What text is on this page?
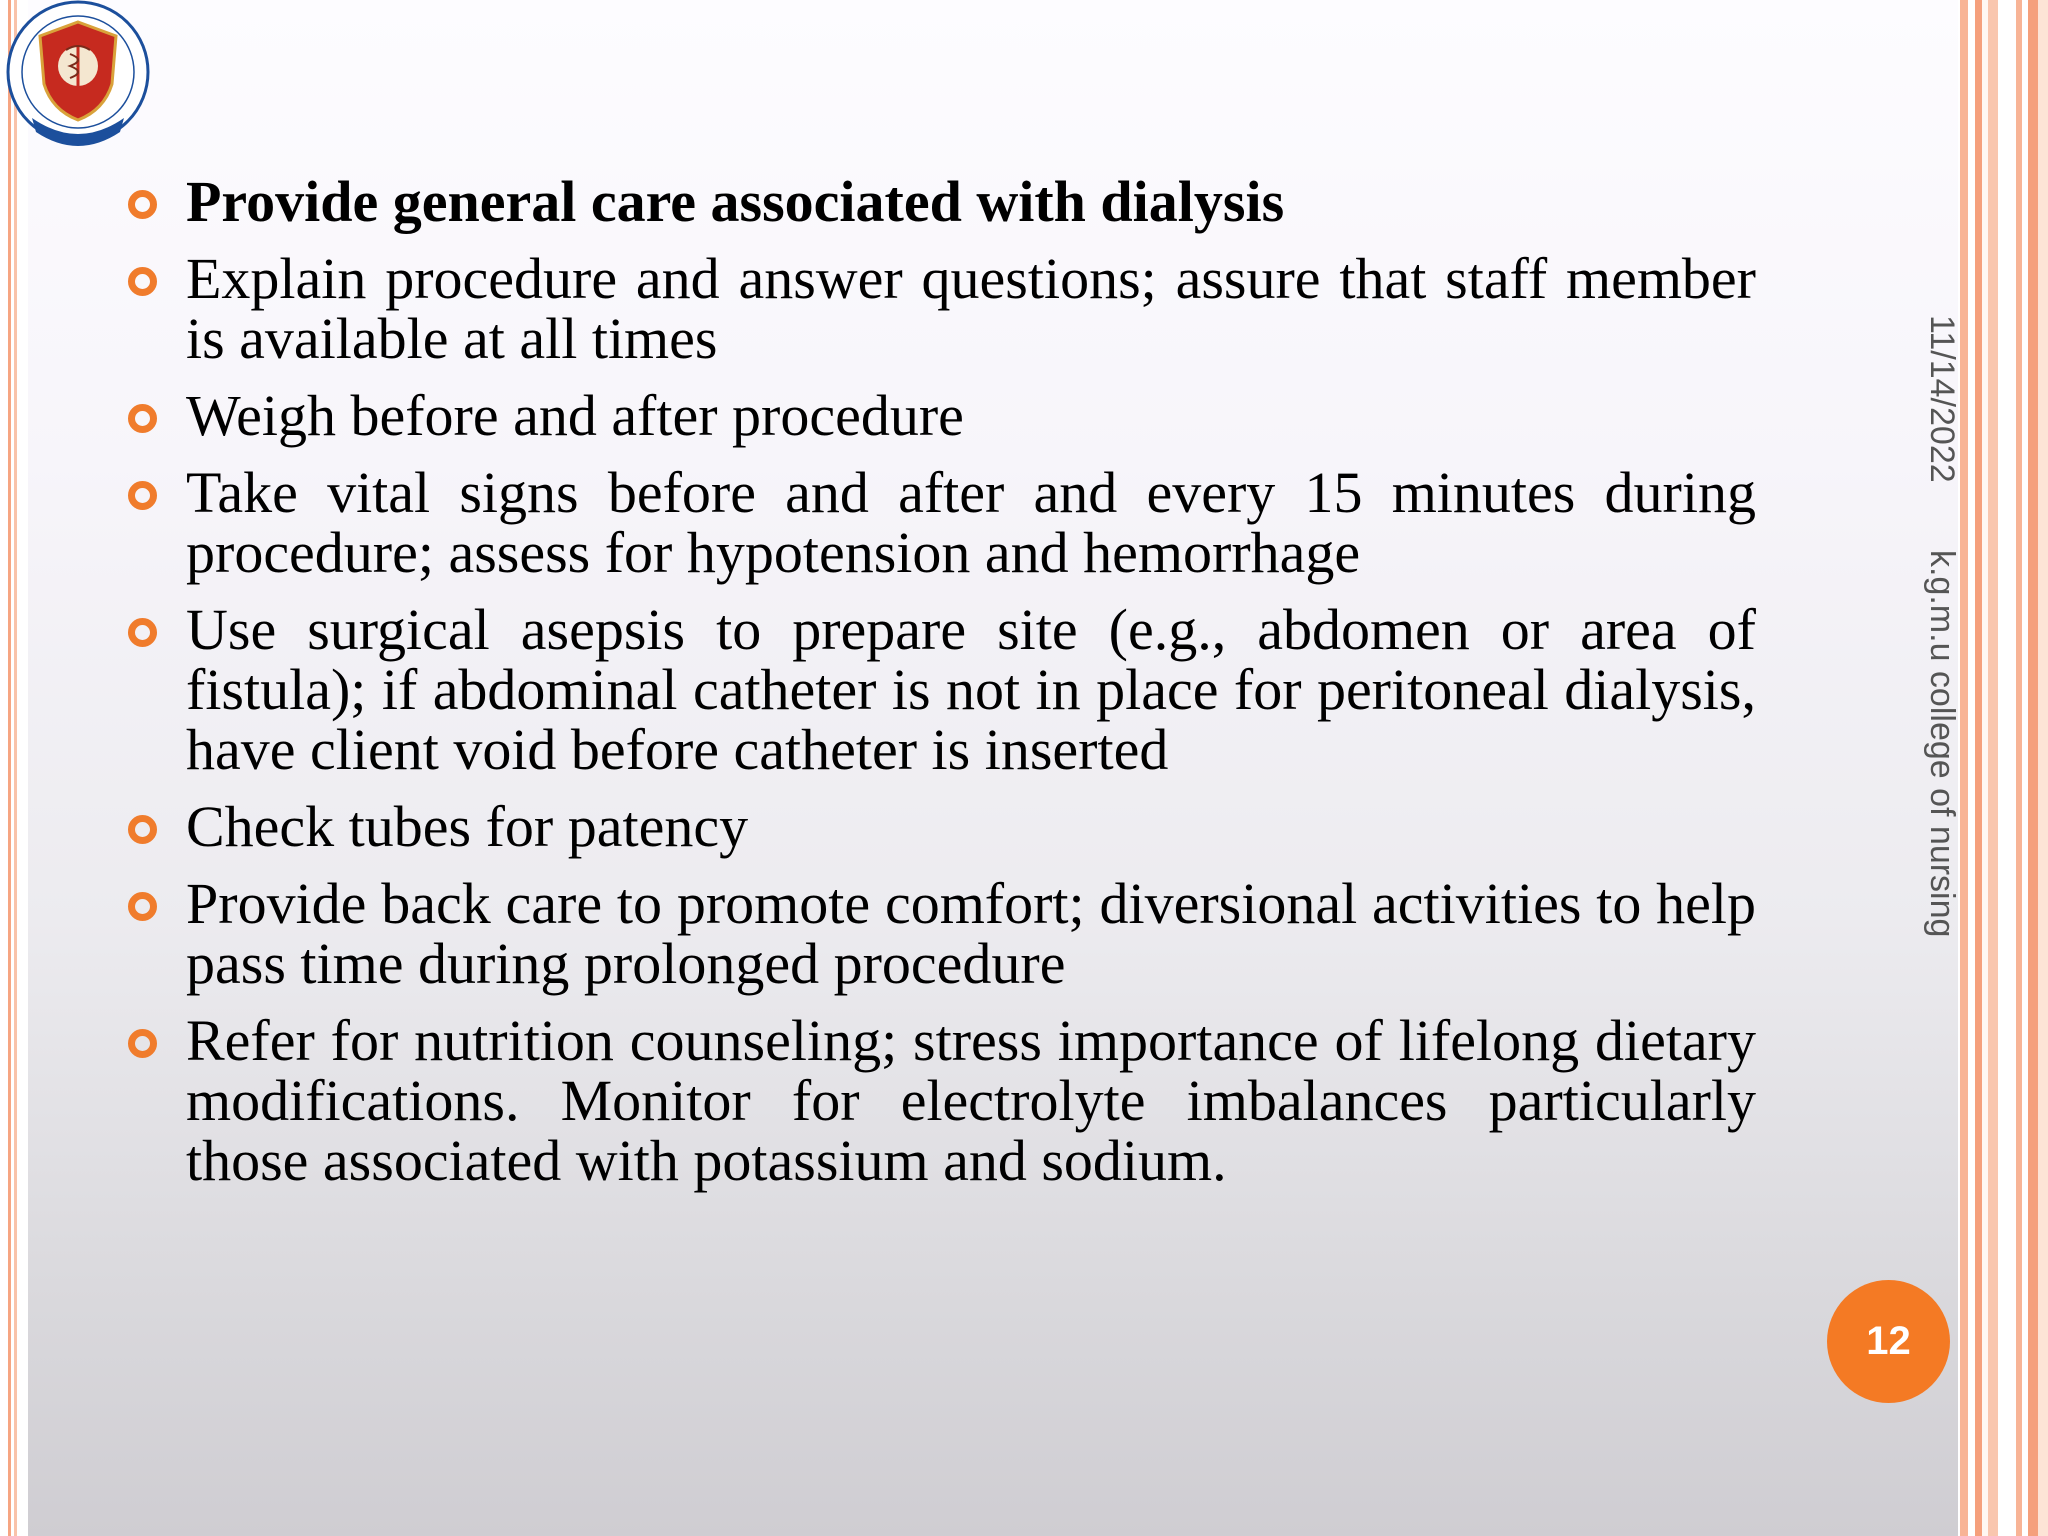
Provide general care associated with dialysis
Explain procedure and answer questions; assure that staff member is available at all times
Weigh before and after procedure
Take vital signs before and after and every 15 minutes during procedure; assess for hypotension and hemorrhage
Use surgical asepsis to prepare site (e.g., abdomen or area of fistula); if abdominal catheter is not in place for peritoneal dialysis, have client void before catheter is inserted
Check tubes for patency
Provide back care to promote comfort; diversional activities to help pass time during prolonged procedure
Refer for nutrition counseling; stress importance of lifelong dietary modifications. Monitor for electrolyte imbalances particularly those associated with potassium and sodium.
11/14/2022  k.g.m.u college of nursing
12
